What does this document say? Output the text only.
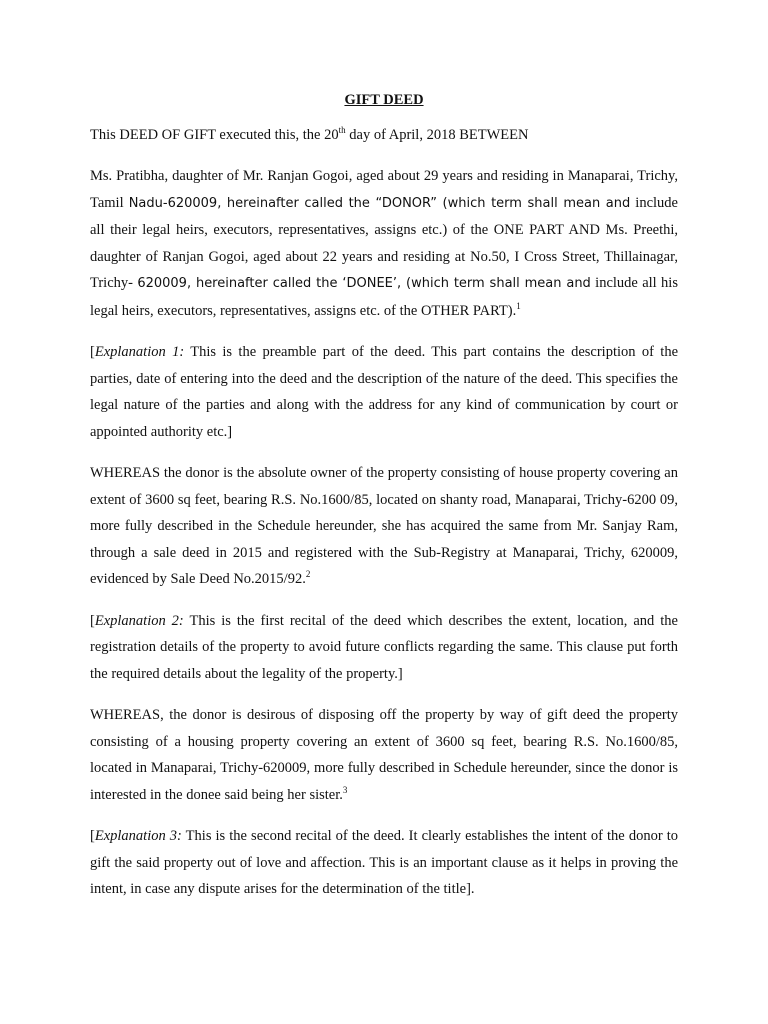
GIFT DEED

This DEED OF GIFT executed this, the 20th day of April, 2018 BETWEEN

Ms. Pratibha, daughter of Mr. Ranjan Gogoi, aged about 29 years and residing in Manaparai, Trichy, Tamil Nadu-620009, hereinafter called the “DONOR” (which term shall mean and include all their legal heirs, executors, representatives, assigns etc.) of the ONE PART AND Ms. Preethi, daughter of Ranjan Gogoi, aged about 22 years and residing at No.50, I Cross Street, Thillainagar, Trichy- 620009, hereinafter called the ‘DONEE’, (which term shall mean and include all his legal heirs, executors, representatives, assigns etc. of the OTHER PART).$^1$

[Explanation 1: This is the preamble part of the deed. This part contains the description of the parties, date of entering into the deed and the description of the nature of the deed. This specifies the legal nature of the parties and along with the address for any kind of communication by court or appointed authority etc.]

WHEREAS the donor is the absolute owner of the property consisting of house property covering an extent of 3600 sq feet, bearing R.S. No.1600/85, located on shanty road, Manaparai, Trichy-6200 09, more fully described in the Schedule hereunder, she has acquired the same from Mr. Sanjay Ram, through a sale deed in 2015 and registered with the Sub-Registry at Manaparai, Trichy, 620009, evidenced by Sale Deed No.2015/92.$^2$

[Explanation 2: This is the first recital of the deed which describes the extent, location, and the registration details of the property to avoid future conflicts regarding the same. This clause put forth the required details about the legality of the property.]

WHEREAS, the donor is desirous of disposing off the property by way of gift deed the property consisting of a housing property covering an extent of 3600 sq feet, bearing R.S. No.1600/85, located in Manaparai, Trichy-620009, more fully described in Schedule hereunder, since the donor is interested in the donee said being her sister.$^3$

[Explanation 3: This is the second recital of the deed. It clearly establishes the intent of the donor to gift the said property out of love and affection. This is an important clause as it helps in proving the intent, in case any dispute arises for the determination of the title].
